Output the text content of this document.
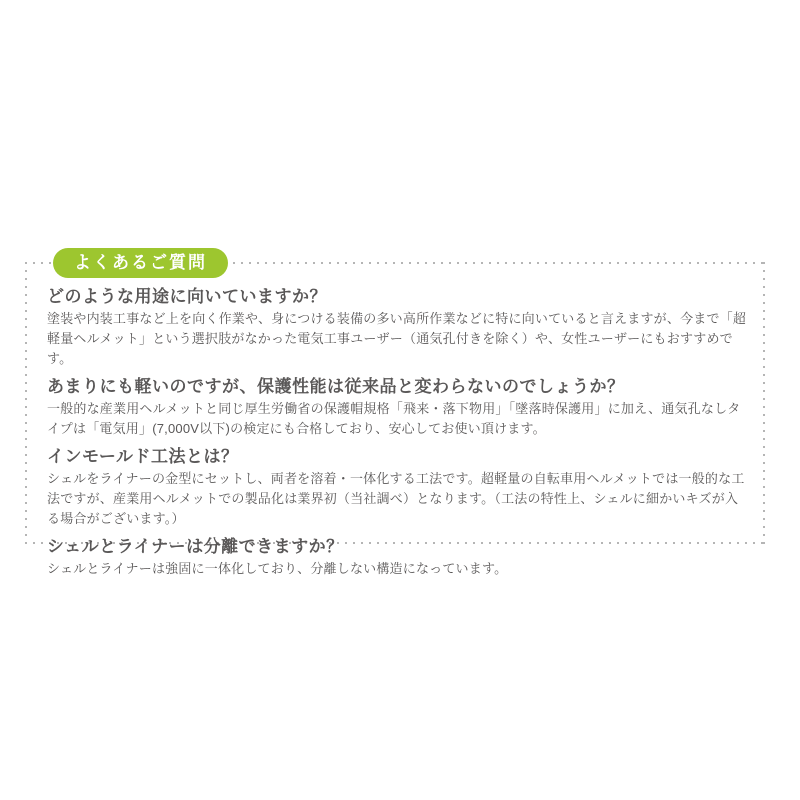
よくあるご質問
どのような用途に向いていますか？

塗装や内装工事など上を向く作業や、身につける装備の多い高所作業などに特に向いていると言えますが、今まで「超軽量ヘルメット」という選択肢がなかった電気工事ユーザー（通気孔付きを除く）や、女性ユーザーにもおすすめです。

あまりにも軽いのですが、保護性能は従来品と変わらないのでしょうか？

一般的な産業用ヘルメットと同じ厚生労働省の保護帽規格「飛来・落下物用」「墜落時保護用」に加え、通気孔なしタイプは「電気用」(7,000V以下)の検定にも合格しており、安心してお使い頂けます。

インモールド工法とは？

シェルをライナーの金型にセットし、両者を溶着・一体化する工法です。超軽量の自転車用ヘルメットでは一般的な工法ですが、産業用ヘルメットでの製品化は業界初（当社調べ）となります。（工法の特性上、シェルに細かいキズが入る場合がございます。）

シェルとライナーは分離できますか？

シェルとライナーは強固に一体化しており、分離しない構造になっています。
